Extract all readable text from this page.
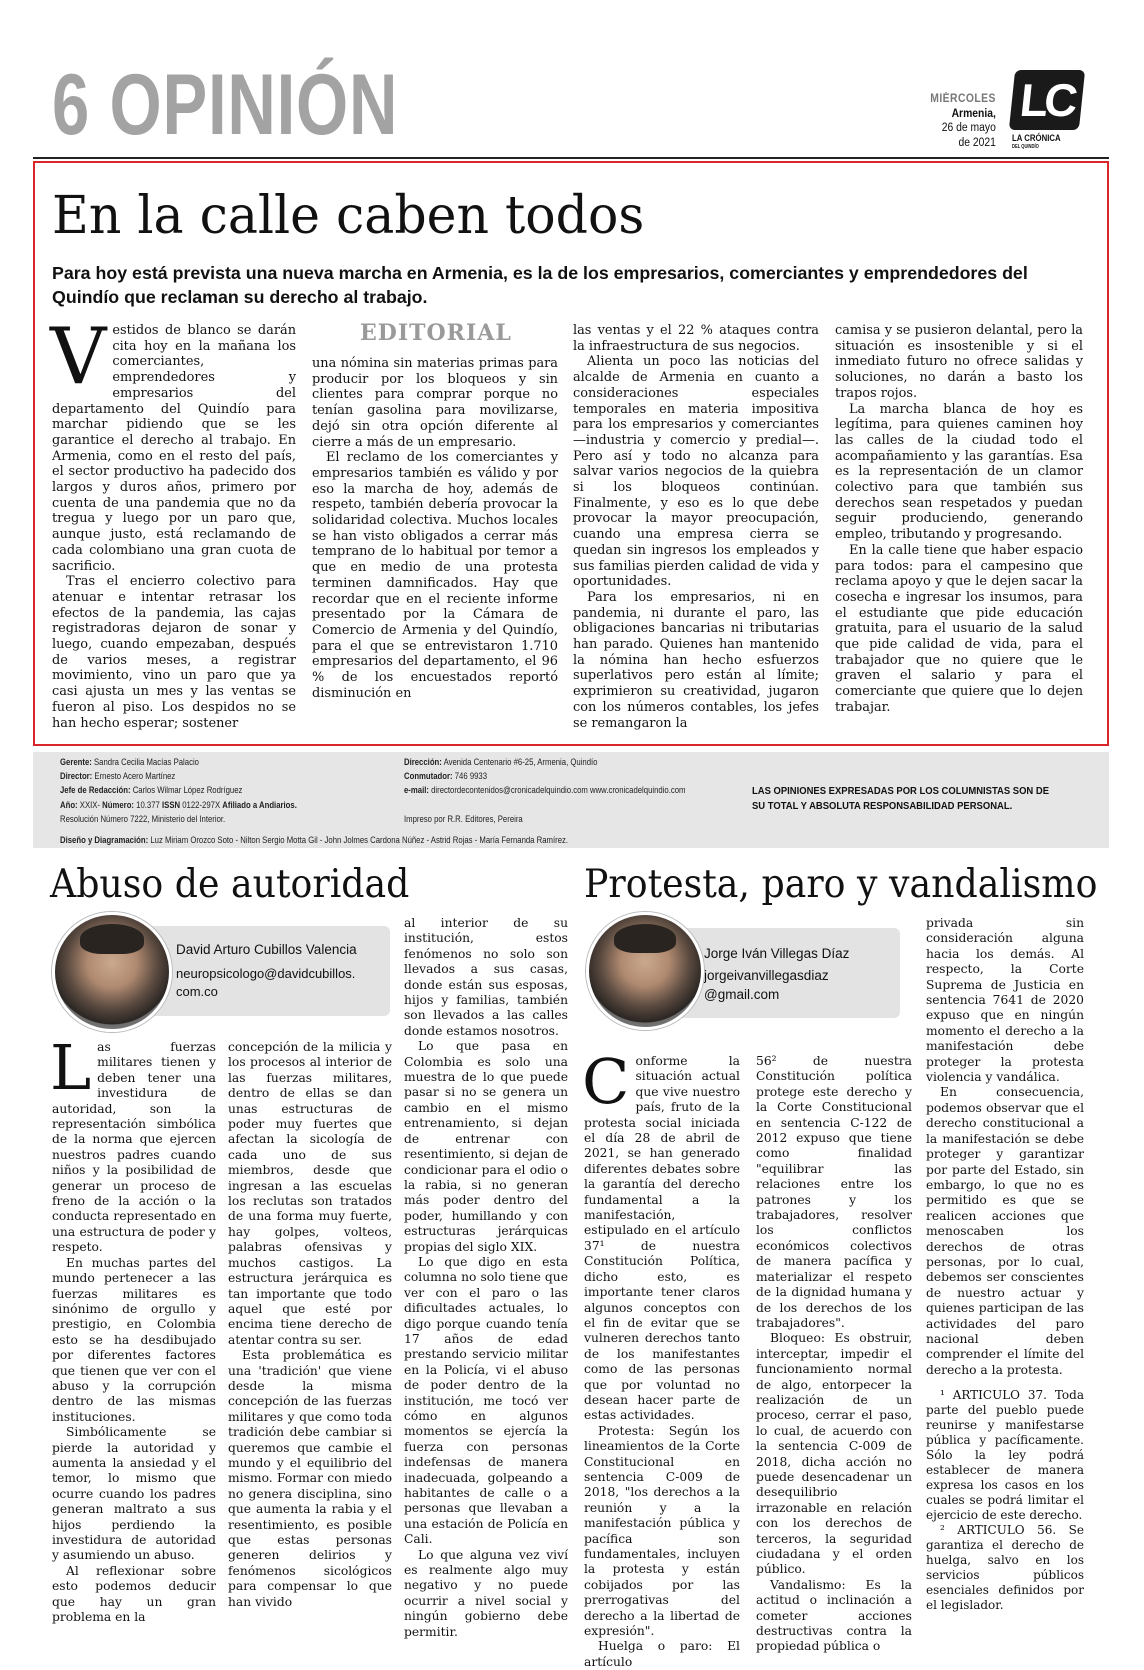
6 OPINIÓN	MIÉRCOLES
Armenia,
26 de mayo
de 2021
LC
LA CRÓNICA
DEL QUINDÍO
En la calle caben todos
Para hoy está prevista una nueva marcha en Armenia, es la de los empresarios, comerciantes y emprendedores del Quindío que reclaman su derecho al trabajo.

Vestidos de blanco se darán cita hoy en la mañana los comerciantes, emprendedores y empresarios del departamento del Quindío para marchar pidiendo que se les garantice el derecho al trabajo. En Armenia, como en el resto del país, el sector productivo ha padecido dos largos y duros años, primero por cuenta de una pandemia que no da tregua y luego por un paro que, aunque justo, está reclamando de cada colombiano una gran cuota de sacrificio.

Tras el encierro colectivo para atenuar e intentar retrasar los efectos de la pandemia, las cajas registradoras dejaron de sonar y luego, cuando empezaban, después de varios meses, a registrar movimiento, vino un paro que ya casi ajusta un mes y las ventas se fueron al piso. Los despidos no se han hecho esperar; sostener

EDITORIAL

una nómina sin materias primas para producir por los bloqueos y sin clientes para comprar porque no tenían gasolina para movilizarse, dejó sin otra opción diferente al cierre a más de un empresario.

El reclamo de los comerciantes y empresarios también es válido y por eso la marcha de hoy, además de respeto, también debería provocar la solidaridad colectiva. Muchos locales se han visto obligados a cerrar más temprano de lo habitual por temor a que en medio de una protesta terminen damnificados. Hay que recordar que en el reciente informe presentado por la Cámara de Comercio de Armenia y del Quindío, para el que se entrevistaron 1.710 empresarios del departamento, el 96 % de los encuestados reportó disminución en

las ventas y el 22 % ataques contra la infraestructura de sus negocios.

Alienta un poco las noticias del alcalde de Armenia en cuanto a consideraciones especiales temporales en materia impositiva para los empresarios y comerciantes —industria y comercio y predial—. Pero así y todo no alcanza para salvar varios negocios de la quiebra si los bloqueos continúan. Finalmente, y eso es lo que debe provocar la mayor preocupación, cuando una empresa cierra se quedan sin ingresos los empleados y sus familias pierden calidad de vida y oportunidades.

Para los empresarios, ni en pandemia, ni durante el paro, las obligaciones bancarias ni tributarias han parado. Quienes han mantenido la nómina han hecho esfuerzos superlativos pero están al límite; exprimieron su creatividad, jugaron con los números contables, los jefes se remangaron la

camisa y se pusieron delantal, pero la situación es insostenible y si el inmediato futuro no ofrece salidas y soluciones, no darán a basto los trapos rojos.

La marcha blanca de hoy es legítima, para quienes caminen hoy las calles de la ciudad todo el acompañamiento y las garantías. Esa es la representación de un clamor colectivo para que también sus derechos sean respetados y puedan seguir produciendo, generando empleo, tributando y progresando.

En la calle tiene que haber espacio para todos: para el campesino que reclama apoyo y que le dejen sacar la cosecha e ingresar los insumos, para el estudiante que pide educación gratuita, para el usuario de la salud que pide calidad de vida, para el trabajador que no quiere que le graven el salario y para el comerciante que quiere que lo dejen trabajar.

Gerente: Sandra Cecilia Macías Palacio
Director: Ernesto Acero Martínez
Jefe de Redacción: Carlos Wilmar López Rodríguez
Año: XXIX- Número: 10.377 ISSN 0122-297X Afiliado a Andiarios.
Resolución Número 7222, Ministerio del Interior.
Dirección: Avenida Centenario #6-25, Armenia, Quindío
Conmutador: 746 9933
e-mail: directordecontenidos@cronicadelquindio.com www.cronicadelquindio.com

Impreso por R.R. Editores, Pereira
Diseño y Diagramación: Luz Miriam Orozco Soto - Nilton Sergio Motta Gil - John Jolmes Cardona Núñez - Astrid Rojas - María Fernanda Ramírez.
LAS OPINIONES EXPRESADAS POR LOS COLUMNISTAS SON DE SU TOTAL Y ABSOLUTA RESPONSABILIDAD PERSONAL.
Abuso de autoridad
David Arturo Cubillos Valencia
neuropsicologo@davidcubillos.
com.co

Las fuerzas militares tienen y deben tener una investidura de autoridad, son la representación simbólica de la norma que ejercen nuestros padres cuando niños y la posibilidad de generar un proceso de freno de la acción o la conducta representado en una estructura de poder y respeto.

En muchas partes del mundo pertenecer a las fuerzas militares es sinónimo de orgullo y prestigio, en Colombia esto se ha desdibujado por diferentes factores que tienen que ver con el abuso y la corrupción dentro de las mismas instituciones.

Simbólicamente se pierde la autoridad y aumenta la ansiedad y el temor, lo mismo que ocurre cuando los padres generan maltrato a sus hijos perdiendo la investidura de autoridad y asumiendo un abuso.

Al reflexionar sobre esto podemos deducir que hay un gran problema en la

concepción de la milicia y los procesos al interior de las fuerzas militares, dentro de ellas se dan unas estructuras de poder muy fuertes que afectan la sicología de cada uno de sus miembros, desde que ingresan a las escuelas los reclutas son tratados de una forma muy fuerte, hay golpes, volteos, palabras ofensivas y muchos castigos. La estructura jerárquica es tan importante que todo aquel que esté por encima tiene derecho de atentar contra su ser.

Esta problemática es una 'tradición' que viene desde la misma concepción de las fuerzas militares y que como toda tradición debe cambiar si queremos que cambie el mundo y el equilibrio del mismo. Formar con miedo no genera disciplina, sino que aumenta la rabia y el resentimiento, es posible que estas personas generen delirios y fenómenos sicológicos para compensar lo que han vivido

al interior de su institución, estos fenómenos no solo son llevados a sus casas, donde están sus esposas, hijos y familias, también son llevados a las calles donde estamos nosotros.

Lo que pasa en Colombia es solo una muestra de lo que puede pasar si no se genera un cambio en el mismo entrenamiento, si dejan de entrenar con resentimiento, si dejan de condicionar para el odio o la rabia, si no generan más poder dentro del poder, humillando y con estructuras jerárquicas propias del siglo XIX.

Lo que digo en esta columna no solo tiene que ver con el paro o las dificultades actuales, lo digo porque cuando tenía 17 años de edad prestando servicio militar en la Policía, vi el abuso de poder dentro de la institución, me tocó ver cómo en algunos momentos se ejercía la fuerza con personas indefensas de manera inadecuada, golpeando a habitantes de calle o a personas que llevaban a una estación de Policía en Cali.

Lo que alguna vez viví es realmente algo muy negativo y no puede ocurrir a nivel social y ningún gobierno debe permitir.

Protesta, paro y vandalismo
Jorge Iván Villegas Díaz
jorgeivanvillegasdiaz
@gmail.com

Conforme la situación actual que vive nuestro país, fruto de la protesta social iniciada el día 28 de abril de 2021, se han generado diferentes debates sobre la garantía del derecho fundamental a la manifestación, estipulado en el artículo 37¹ de nuestra Constitución Política, dicho esto, es importante tener claros algunos conceptos con el fin de evitar que se vulneren derechos tanto de los manifestantes como de las personas que por voluntad no desean hacer parte de estas actividades.

Protesta: Según los lineamientos de la Corte Constitucional en sentencia C-009 de 2018, "los derechos a la reunión y a la manifestación pública y pacífica son fundamentales, incluyen la protesta y están cobijados por las prerrogativas del derecho a la libertad de expresión".

Huelga o paro: El artículo

56² de nuestra Constitución política protege este derecho y la Corte Constitucional en sentencia C-122 de 2012 expuso que tiene como finalidad "equilibrar las relaciones entre los patrones y los trabajadores, resolver los conflictos económicos colectivos de manera pacífica y materializar el respeto de la dignidad humana y de los derechos de los trabajadores".

Bloqueo: Es obstruir, interceptar, impedir el funcionamiento normal de algo, entorpecer la realización de un proceso, cerrar el paso, lo cual, de acuerdo con la sentencia C-009 de 2018, dicha acción no puede desencadenar un desequilibrio irrazonable en relación con los derechos de terceros, la seguridad ciudadana y el orden público.

Vandalismo: Es la actitud o inclinación a cometer acciones destructivas contra la propiedad pública o

privada sin consideración alguna hacia los demás. Al respecto, la Corte Suprema de Justicia en sentencia 7641 de 2020 expuso que en ningún momento el derecho a la manifestación debe proteger la protesta violencia y vandálica.

En consecuencia, podemos observar que el derecho constitucional a la manifestación se debe proteger y garantizar por parte del Estado, sin embargo, lo que no es permitido es que se realicen acciones que menoscaben los derechos de otras personas, por lo cual, debemos ser conscientes de nuestro actuar y quienes participan de las actividades del paro nacional deben comprender el límite del derecho a la protesta.

¹ ARTICULO 37. Toda parte del pueblo puede reunirse y manifestarse pública y pacíficamente. Sólo la ley podrá establecer de manera expresa los casos en los cuales se podrá limitar el ejercicio de este derecho.

² ARTICULO 56. Se garantiza el derecho de huelga, salvo en los servicios públicos esenciales definidos por el legislador.
